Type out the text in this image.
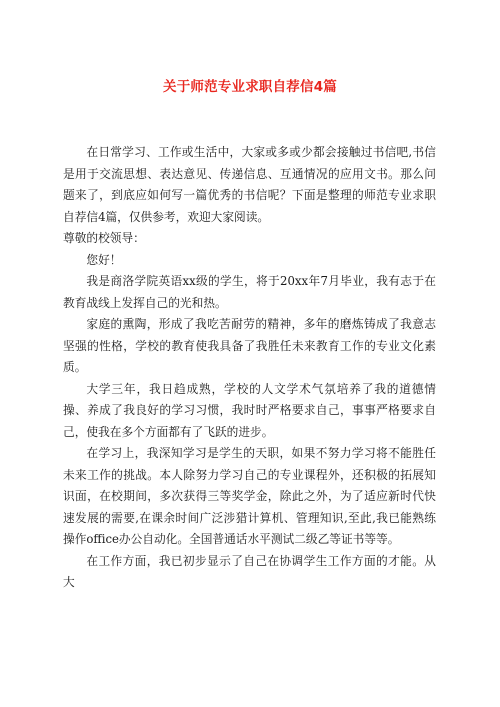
关于师范专业求职自荐信4篇

在日常学习、工作或生活中，大家或多或少都会接触过书信吧,书信是用于交流思想、表达意见、传递信息、互通情况的应用文书。那么问题来了，到底应如何写一篇优秀的书信呢？下面是整理的师范专业求职自荐信4篇，仅供参考，欢迎大家阅读。

尊敬的校领导：

您好！

我是商洛学院英语xx级的学生，将于20xx年7月毕业，我有志于在教育战线上发挥自己的光和热。

家庭的熏陶，形成了我吃苦耐劳的精神，多年的磨炼铸成了我意志坚强的性格，学校的教育使我具备了我胜任未来教育工作的专业文化素质。

大学三年，我日趋成熟，学校的人文学术气氛培养了我的道德情操、养成了我良好的学习习惯，我时时严格要求自己，事事严格要求自己，使我在多个方面都有了飞跃的进步。

在学习上，我深知学习是学生的天职，如果不努力学习将不能胜任未来工作的挑战。本人除努力学习自己的专业课程外，还积极的拓展知识面，在校期间，多次获得三等奖学金，除此之外，为了适应新时代快速发展的需要,在课余时间广泛涉猎计算机、管理知识,至此,我已能熟练操作office办公自动化。全国普通话水平测试二级乙等证书等等。

在工作方面，我已初步显示了自己在协调学生工作方面的才能。从大
